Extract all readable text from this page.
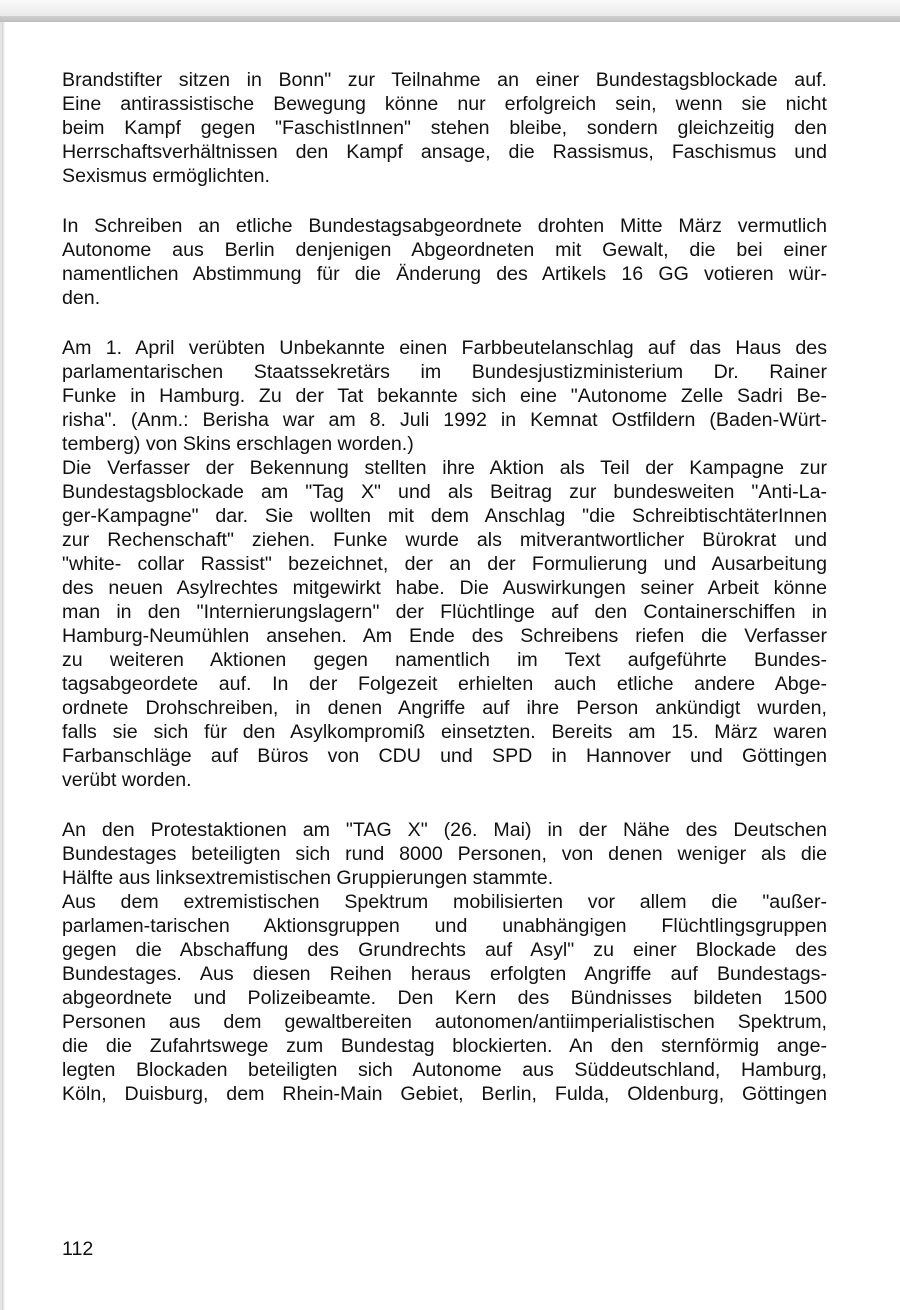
Brandstifter sitzen in Bonn" zur Teilnahme an einer Bundestagsblockade auf.
Eine antirassistische Bewegung könne nur erfolgreich sein, wenn sie nicht
beim Kampf gegen "FaschistInnen" stehen bleibe, sondern gleichzeitig den
Herrschaftsverhältnissen den Kampf ansage, die Rassismus, Faschismus und
Sexismus ermöglichten.
In Schreiben an etliche Bundestagsabgeordnete drohten Mitte März vermutlich
Autonome aus Berlin denjenigen Abgeordneten mit Gewalt, die bei einer
namentlichen Abstimmung für die Änderung des Artikels 16 GG votieren wür-
den.
Am 1. April verübten Unbekannte einen Farbbeutelanschlag auf das Haus des
parlamentarischen Staatssekretärs im Bundesjustizministerium Dr. Rainer
Funke in Hamburg. Zu der Tat bekannte sich eine "Autonome Zelle Sadri Be-
risha". (Anm.: Berisha war am 8. Juli 1992 in Kemnat Ostfildern (Baden-Würt-
temberg) von Skins erschlagen worden.)
Die Verfasser der Bekennung stellten ihre Aktion als Teil der Kampagne zur
Bundestagsblockade am "Tag X" und als Beitrag zur bundesweiten "Anti-La-
ger-Kampagne" dar. Sie wollten mit dem Anschlag "die SchreibtischtäterInnen
zur Rechenschaft" ziehen. Funke wurde als mitverantwortlicher Bürokrat und
"white- collar Rassist" bezeichnet, der an der Formulierung und Ausarbeitung
des neuen Asylrechtes mitgewirkt habe. Die Auswirkungen seiner Arbeit könne
man in den "Internierungslagern" der Flüchtlinge auf den Containerschiffen in
Hamburg-Neumühlen ansehen. Am Ende des Schreibens riefen die Verfasser
zu weiteren Aktionen gegen namentlich im Text aufgeführte Bundes-
tagsabgeordete auf. In der Folgezeit erhielten auch etliche andere Abge-
ordnete Drohschreiben, in denen Angriffe auf ihre Person ankündigt wurden,
falls sie sich für den Asylkompromiß einsetzten. Bereits am 15. März waren
Farbanschläge auf Büros von CDU und SPD in Hannover und Göttingen
verübt worden.
An den Protestaktionen am "TAG X" (26. Mai) in der Nähe des Deutschen
Bundestages beteiligten sich rund 8000 Personen, von denen weniger als die
Hälfte aus linksextremistischen Gruppierungen stammte.
Aus dem extremistischen Spektrum mobilisierten vor allem die "außer-
parlamen-tarischen Aktionsgruppen und unabhängigen Flüchtlingsgruppen
gegen die Abschaffung des Grundrechts auf Asyl" zu einer Blockade des
Bundestages. Aus diesen Reihen heraus erfolgten Angriffe auf Bundestags-
abgeordnete und Polizeibeamte. Den Kern des Bündnisses bildeten 1500
Personen aus dem gewaltbereiten autonomen/antiimperialistischen Spektrum,
die die Zufahrtswege zum Bundestag blockierten. An den sternförmig ange-
legten Blockaden beteiligten sich Autonome aus Süddeutschland, Hamburg,
Köln, Duisburg, dem Rhein-Main Gebiet, Berlin, Fulda, Oldenburg, Göttingen
112
